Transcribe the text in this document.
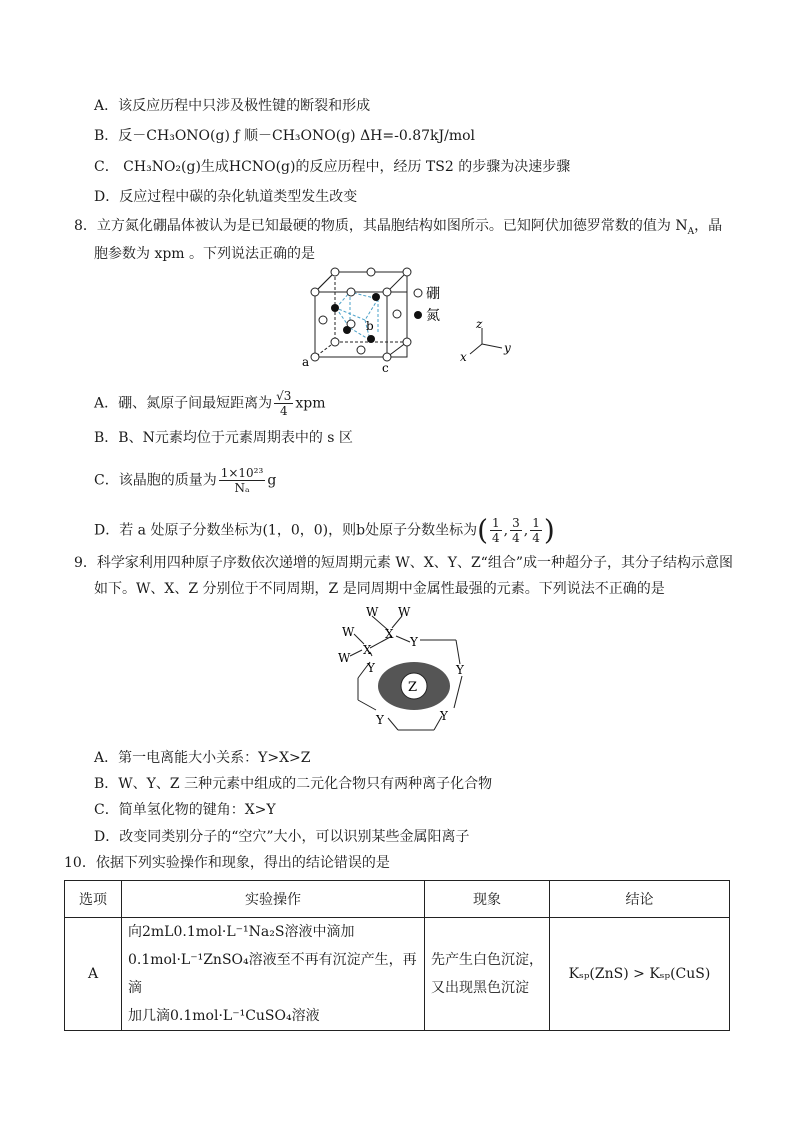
A．该反应历程中只涉及极性键的断裂和形成
B．反－CH₃ONO(g) ƒ 顺－CH₃ONO(g) ΔH=-0.87kJ/mol
C． CH₃NO₂(g)生成HCNO(g)的反应历程中，经历 TS2 的步骤为决速步骤
D．反应过程中碳的杂化轨道类型发生改变
8．立方氮化硼晶体被认为是已知最硬的物质，其晶胞结构如图所示。已知阿伏加德罗常数的值为 $N_A$，晶
胞参数为 xpm 。下列说法正确的是
a
b
c
硼
氮	z
y
x
A．硼、氮原子间最短距离为 $\frac{√3}{4}$ xpm
B．B、N元素均位于元素周期表中的 s 区
C．该晶胞的质量为 $\frac{\text{1×10²³}}{\text{Nₐ}}$ g
D．若 a 处原子分数坐标为(1，0，0)，则b处原子分数坐标为( $\frac{1}{4}$ , $\frac{3}{4}$ , $\frac{1}{4}$ )
9．科学家利用四种原子序数依次递增的短周期元素 W、X、Y、Z“组合”成一种超分子，其分子结构示意图
如下。W、X、Z 分别位于不同周期，Z 是同周期中金属性最强的元素。下列说法不正确的是
Z
W W
W
W
X
X
Y
Y
Y
Y
Y
A．第一电离能大小关系：Y>X>Z
B．W、Y、Z 三种元素中组成的二元化合物只有两种离子化合物
C．简单氢化物的键角：X>Y
D．改变同类别分子的“空穴”大小，可以识别某些金属阳离子
10．依据下列实验操作和现象，得出的结论错误的是
选项	实验操作	现象	结论
A	向2mL0.1mol·L⁻¹Na₂S溶液中滴加
0.1mol·L⁻¹ZnSO₄溶液至不再有沉淀产生，再滴
加几滴0.1mol·L⁻¹CuSO₄溶液	先产生白色沉淀，
又出现黑色沉淀	Kₛₚ(ZnS) > Kₛₚ(CuS)
